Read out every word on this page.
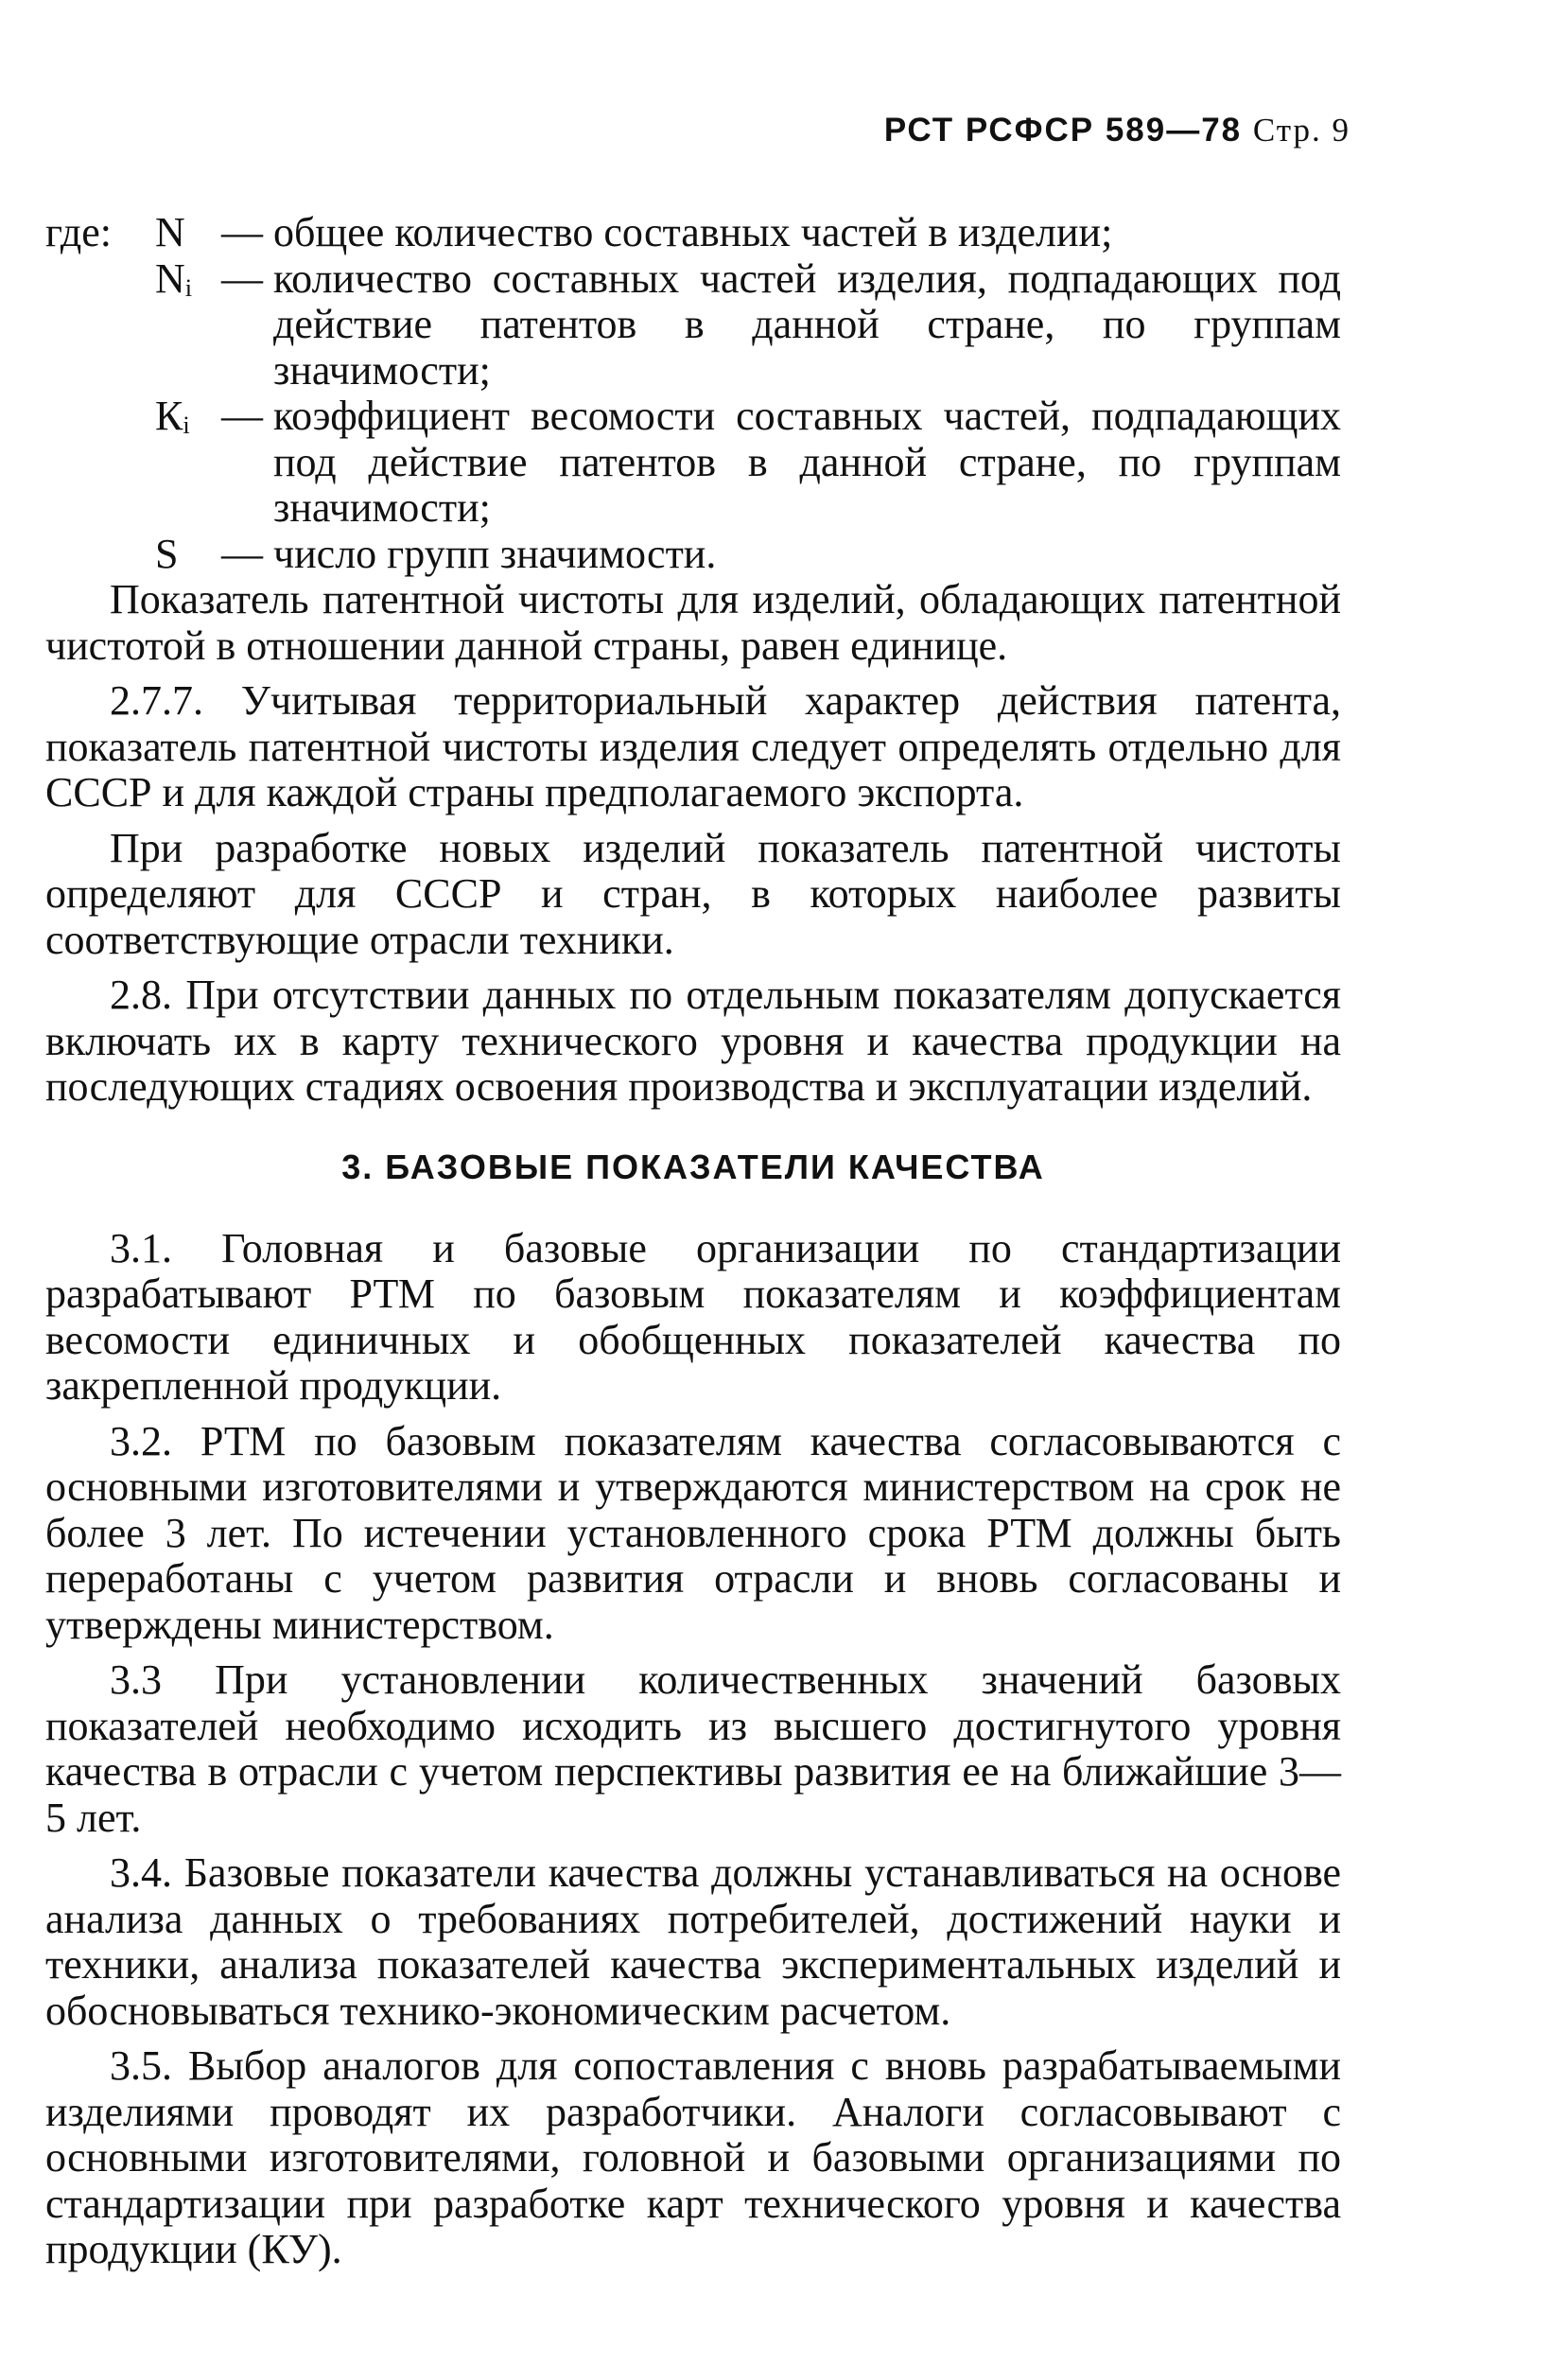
РСТ РСФСР 589—78 Стр. 9
где:	N — общее количество составных частей в изделии;
Nᵢ — количество составных частей изделия, подпадающих под действие патентов в данной стране, по группам значимости;
Кᵢ — коэффициент весомости составных частей, подпадающих под действие патентов в данной стране, по группам значимости;
S	— число групп значимости.

Показатель патентной чистоты для изделий, обладающих патентной чистотой в отношении данной страны, равен единице.

2.7.7. Учитывая территориальный характер действия патента, показатель патентной чистоты изделия следует определять отдельно для СССР и для каждой страны предполагаемого экспорта.

При разработке новых изделий показатель патентной чистоты определяют для СССР и стран, в которых наиболее развиты соответствующие отрасли техники.

2.8. При отсутствии данных по отдельным показателям допускается включать их в карту технического уровня и качества продукции на последующих стадиях освоения производства и эксплуатации изделий.

3. БАЗОВЫЕ ПОКАЗАТЕЛИ КАЧЕСТВА

3.1. Головная и базовые организации по стандартизации разрабатывают РТМ по базовым показателям и коэффициентам весомости единичных и обобщенных показателей качества по закрепленной продукции.

3.2. РТМ по базовым показателям качества согласовываются с основными изготовителями и утверждаются министерством на срок не более 3 лет. По истечении установленного срока РТМ должны быть переработаны с учетом развития отрасли и вновь согласованы и утверждены министерством.

3.3 При установлении количественных значений базовых показателей необходимо исходить из высшего достигнутого уровня качества в отрасли с учетом перспективы развития ее на ближайшие 3—5 лет.

3.4. Базовые показатели качества должны устанавливаться на основе анализа данных о требованиях потребителей, достижений науки и техники, анализа показателей качества экспериментальных изделий и обосновываться технико-экономическим расчетом.

3.5. Выбор аналогов для сопоставления с вновь разрабатываемыми изделиями проводят их разработчики. Аналоги согласовывают с основными изготовителями, головной и базовыми организациями по стандартизации при разработке карт технического уровня и качества продукции (КУ).
